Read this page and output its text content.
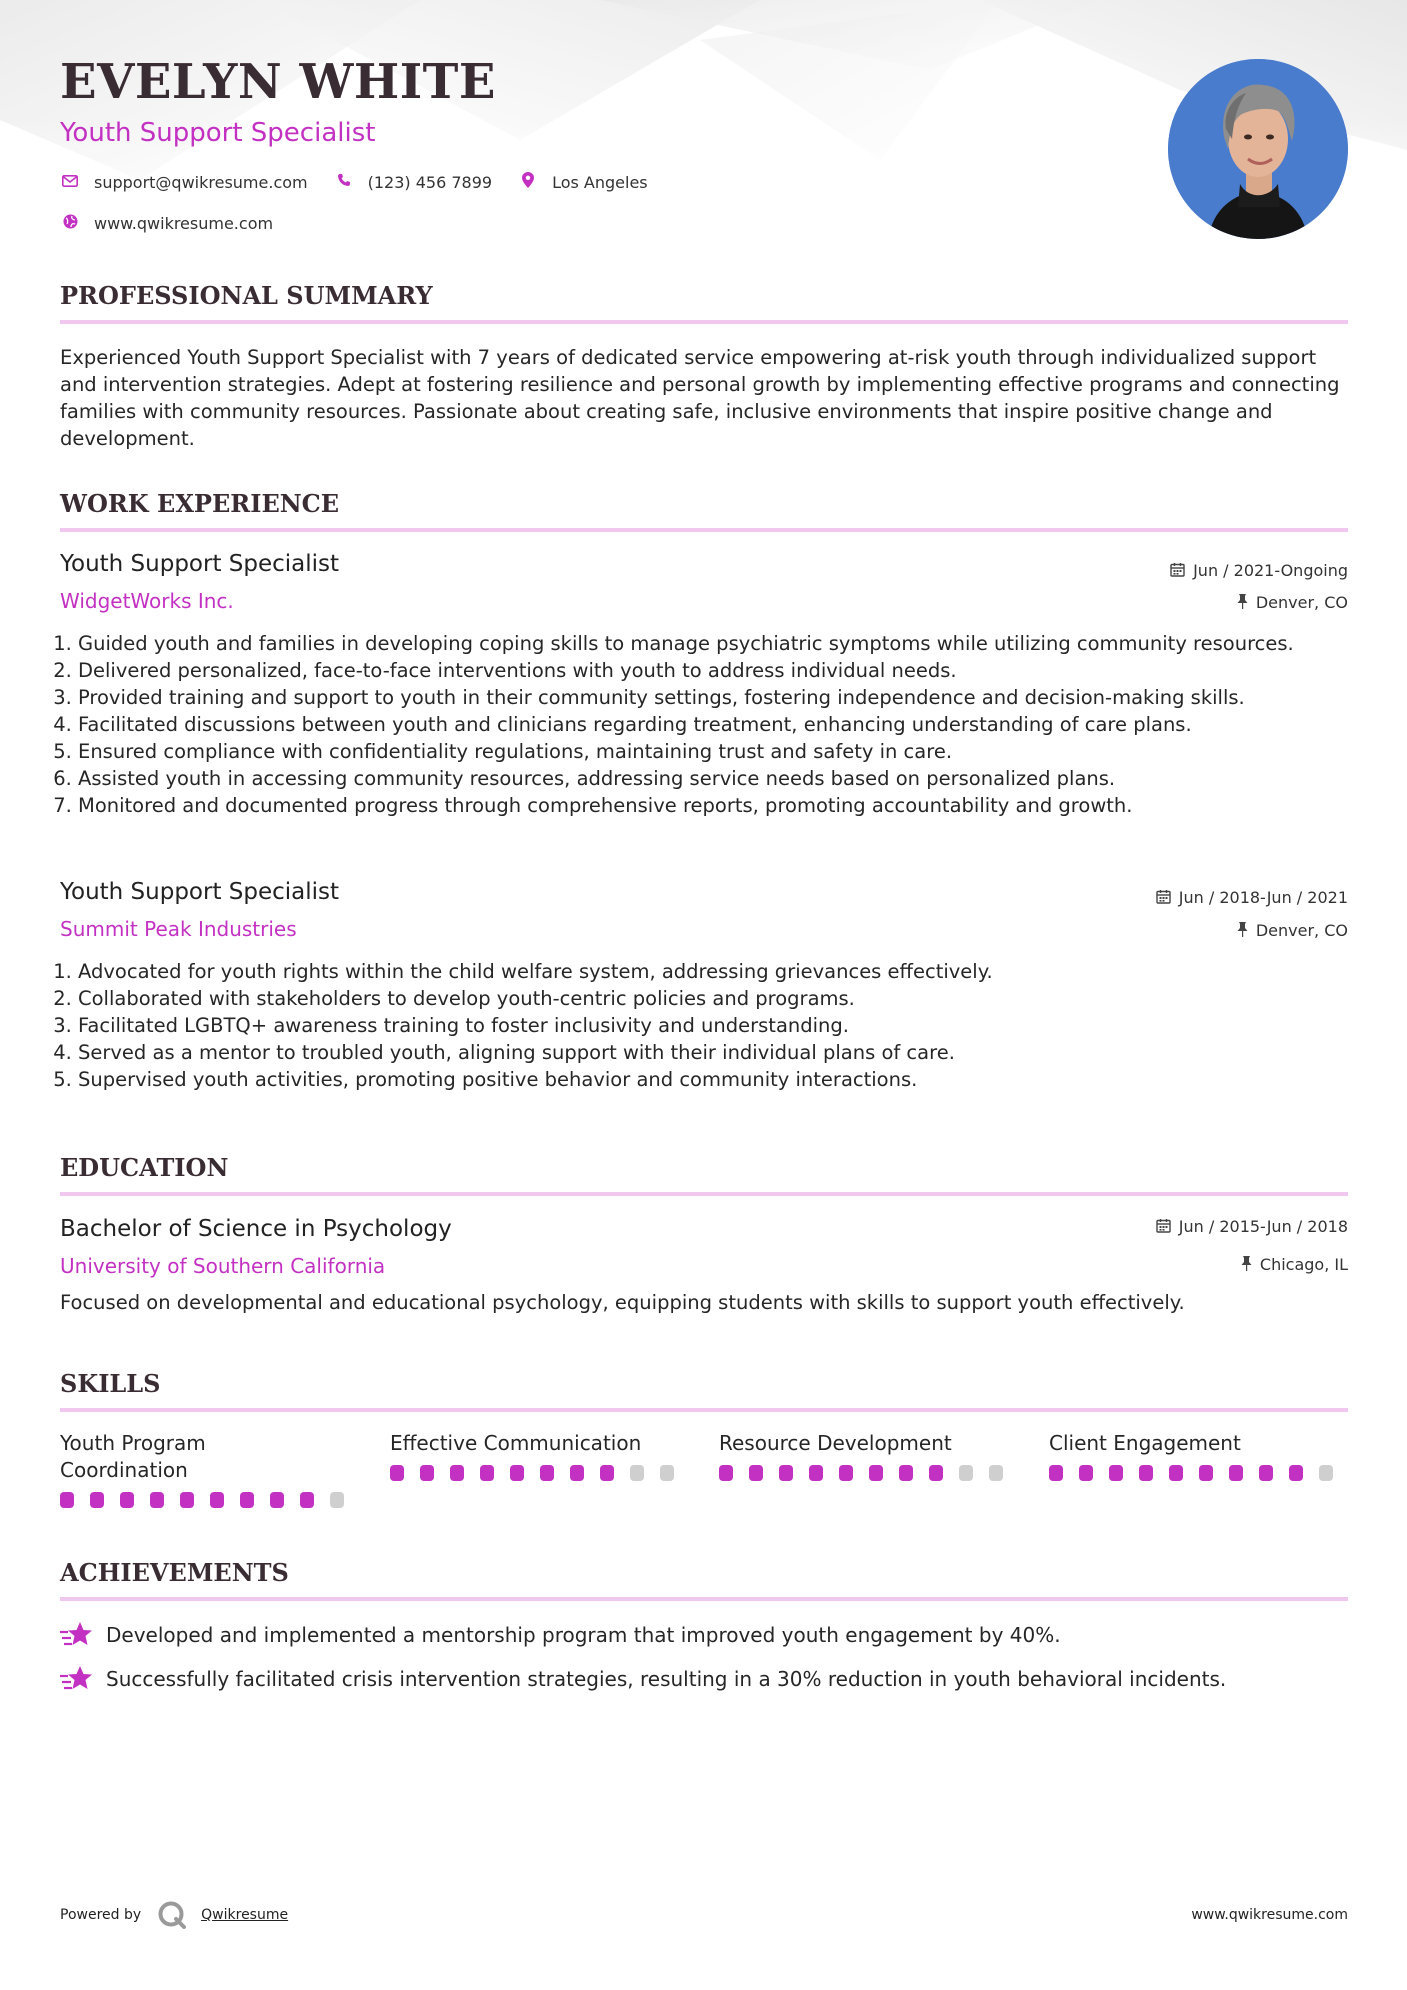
EVELYN WHITE
Youth Support Specialist
support@qwikresume.com	(123) 456 7899	Los Angeles
www.qwikresume.com
PROFESSIONAL SUMMARY
Experienced Youth Support Specialist with 7 years of dedicated service empowering at-risk youth through individualized support and intervention strategies. Adept at fostering resilience and personal growth by implementing effective programs and connecting families with community resources. Passionate about creating safe, inclusive environments that inspire positive change and development.
WORK EXPERIENCE
Youth Support Specialist	Jun / 2021-Ongoing
WidgetWorks Inc.	Denver, CO
1. Guided youth and families in developing coping skills to manage psychiatric symptoms while utilizing community resources.
2. Delivered personalized, face-to-face interventions with youth to address individual needs.
3. Provided training and support to youth in their community settings, fostering independence and decision-making skills.
4. Facilitated discussions between youth and clinicians regarding treatment, enhancing understanding of care plans.
5. Ensured compliance with confidentiality regulations, maintaining trust and safety in care.
6. Assisted youth in accessing community resources, addressing service needs based on personalized plans.
7. Monitored and documented progress through comprehensive reports, promoting accountability and growth.
Youth Support Specialist	Jun / 2018-Jun / 2021
Summit Peak Industries	Denver, CO
1. Advocated for youth rights within the child welfare system, addressing grievances effectively.
2. Collaborated with stakeholders to develop youth-centric policies and programs.
3. Facilitated LGBTQ+ awareness training to foster inclusivity and understanding.
4. Served as a mentor to troubled youth, aligning support with their individual plans of care.
5. Supervised youth activities, promoting positive behavior and community interactions.
EDUCATION
Bachelor of Science in Psychology	Jun / 2015-Jun / 2018
University of Southern California	Chicago, IL
Focused on developmental and educational psychology, equipping students with skills to support youth effectively.
SKILLS
Youth Program Coordination
Effective Communication	Resource Development	Client Engagement
ACHIEVEMENTS
Developed and implemented a mentorship program that improved youth engagement by 40%.
Successfully facilitated crisis intervention strategies, resulting in a 30% reduction in youth behavioral incidents.
Powered by	Qwikresume	www.qwikresume.com
